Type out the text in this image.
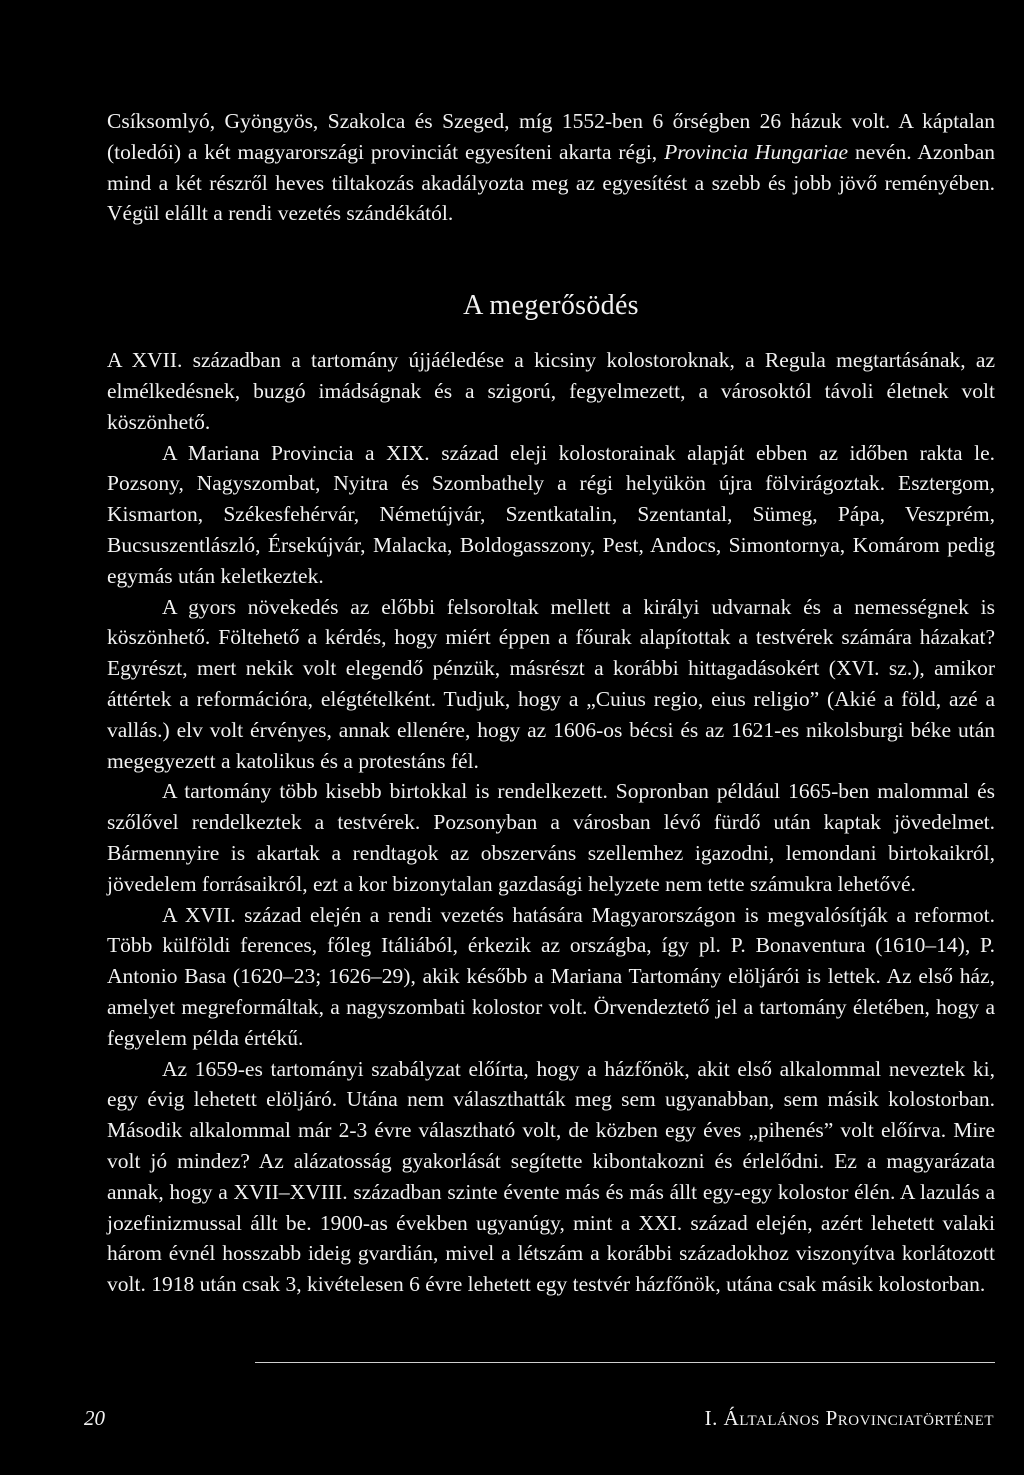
Csíksomlyó, Gyöngyös, Szakolca és Szeged, míg 1552-ben 6 őrségben 26 házuk volt. A káptalan (toledói) a két magyarországi provinciát egyesíteni akarta régi, Provincia Hungariae nevén. Azonban mind a két részről heves tiltakozás akadályozta meg az egyesítést a szebb és jobb jövő reményében. Végül elállt a rendi vezetés szándékától.

A megerősödés

A XVII. században a tartomány újjáéledése a kicsiny kolostoroknak, a Regula megtartásának, az elmélkedésnek, buzgó imádságnak és a szigorú, fegyelmezett, a városoktól távoli életnek volt köszönhető.

A Mariana Provincia a XIX. század eleji kolostorainak alapját ebben az időben rakta le. Pozsony, Nagyszombat, Nyitra és Szombathely a régi helyükön újra fölvirágoztak. Esztergom, Kismarton, Székesfehérvár, Németújvár, Szentkatalin, Szentantal, Sümeg, Pápa, Veszprém, Bucsuszentlászló, Érsekújvár, Malacka, Boldogasszony, Pest, Andocs, Simontornya, Komárom pedig egymás után keletkeztek.

A gyors növekedés az előbbi felsoroltak mellett a királyi udvarnak és a nemességnek is köszönhető. Föltehető a kérdés, hogy miért éppen a főurak alapítottak a testvérek számára házakat? Egyrészt, mert nekik volt elegendő pénzük, másrészt a korábbi hittagadásokért (XVI. sz.), amikor áttértek a reformációra, elégtételként. Tudjuk, hogy a „Cuius regio, eius religio” (Akié a föld, azé a vallás.) elv volt érvényes, annak ellenére, hogy az 1606-os bécsi és az 1621-es nikolsburgi béke után megegyezett a katolikus és a protestáns fél.

A tartomány több kisebb birtokkal is rendelkezett. Sopronban például 1665-ben malommal és szőlővel rendelkeztek a testvérek. Pozsonyban a városban lévő fürdő után kaptak jövedelmet. Bármennyire is akartak a rendtagok az obszerváns szellemhez igazodni, lemondani birtokaikról, jövedelem forrásaikról, ezt a kor bizonytalan gazdasági helyzete nem tette számukra lehetővé.

A XVII. század elején a rendi vezetés hatására Magyarországon is megvalósítják a reformot. Több külföldi ferences, főleg Itáliából, érkezik az országba, így pl. P. Bonaventura (1610–14), P. Antonio Basa (1620–23; 1626–29), akik később a Mariana Tartomány elöljárói is lettek. Az első ház, amelyet megreformáltak, a nagyszombati kolostor volt. Örvendeztető jel a tartomány életében, hogy a fegyelem példa értékű.

Az 1659-es tartományi szabályzat előírta, hogy a házfőnök, akit első alkalommal neveztek ki, egy évig lehetett elöljáró. Utána nem választhatták meg sem ugyanabban, sem másik kolostorban. Második alkalommal már 2-3 évre választható volt, de közben egy éves „pihenés” volt előírva. Mire volt jó mindez? Az alázatosság gyakorlását segítette kibontakozni és érlelődni. Ez a magyarázata annak, hogy a XVII–XVIII. században szinte évente más és más állt egy-egy kolostor élén. A lazulás a jozefinizmussal állt be. 1900-as években ugyanúgy, mint a XXI. század elején, azért lehetett valaki három évnél hosszabb ideig gvardián, mivel a létszám a korábbi századokhoz viszonyítva korlátozott volt. 1918 után csak 3, kivételesen 6 évre lehetett egy testvér házfőnök, utána csak másik kolostorban.

20	I. Általános Provinciatörténet
